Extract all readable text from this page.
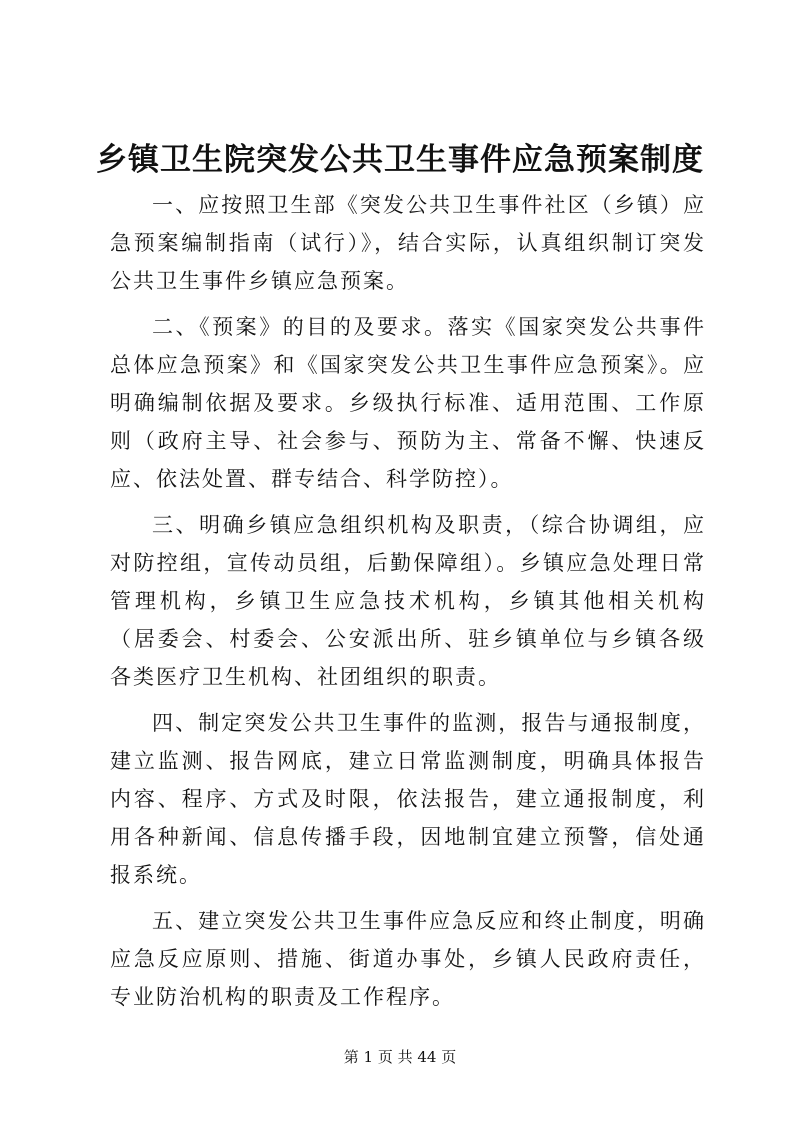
乡镇卫生院突发公共卫生事件应急预案制度

一、应按照卫生部《突发公共卫生事件社区（乡镇）应急预案编制指南（试行）》，结合实际，认真组织制订突发公共卫生事件乡镇应急预案。

二、《预案》的目的及要求。落实《国家突发公共事件总体应急预案》和《国家突发公共卫生事件应急预案》。应明确编制依据及要求。乡级执行标准、适用范围、工作原则（政府主导、社会参与、预防为主、常备不懈、快速反应、依法处置、群专结合、科学防控）。

三、明确乡镇应急组织机构及职责，（综合协调组，应对防控组，宣传动员组，后勤保障组）。乡镇应急处理日常管理机构，乡镇卫生应急技术机构，乡镇其他相关机构（居委会、村委会、公安派出所、驻乡镇单位与乡镇各级各类医疗卫生机构、社团组织的职责。

四、制定突发公共卫生事件的监测，报告与通报制度，建立监测、报告网底，建立日常监测制度，明确具体报告内容、程序、方式及时限，依法报告，建立通报制度，利用各种新闻、信息传播手段，因地制宜建立预警，信处通报系统。

五、建立突发公共卫生事件应急反应和终止制度，明确应急反应原则、措施、街道办事处，乡镇人民政府责任，专业防治机构的职责及工作程序。

第 1 页 共 44 页
